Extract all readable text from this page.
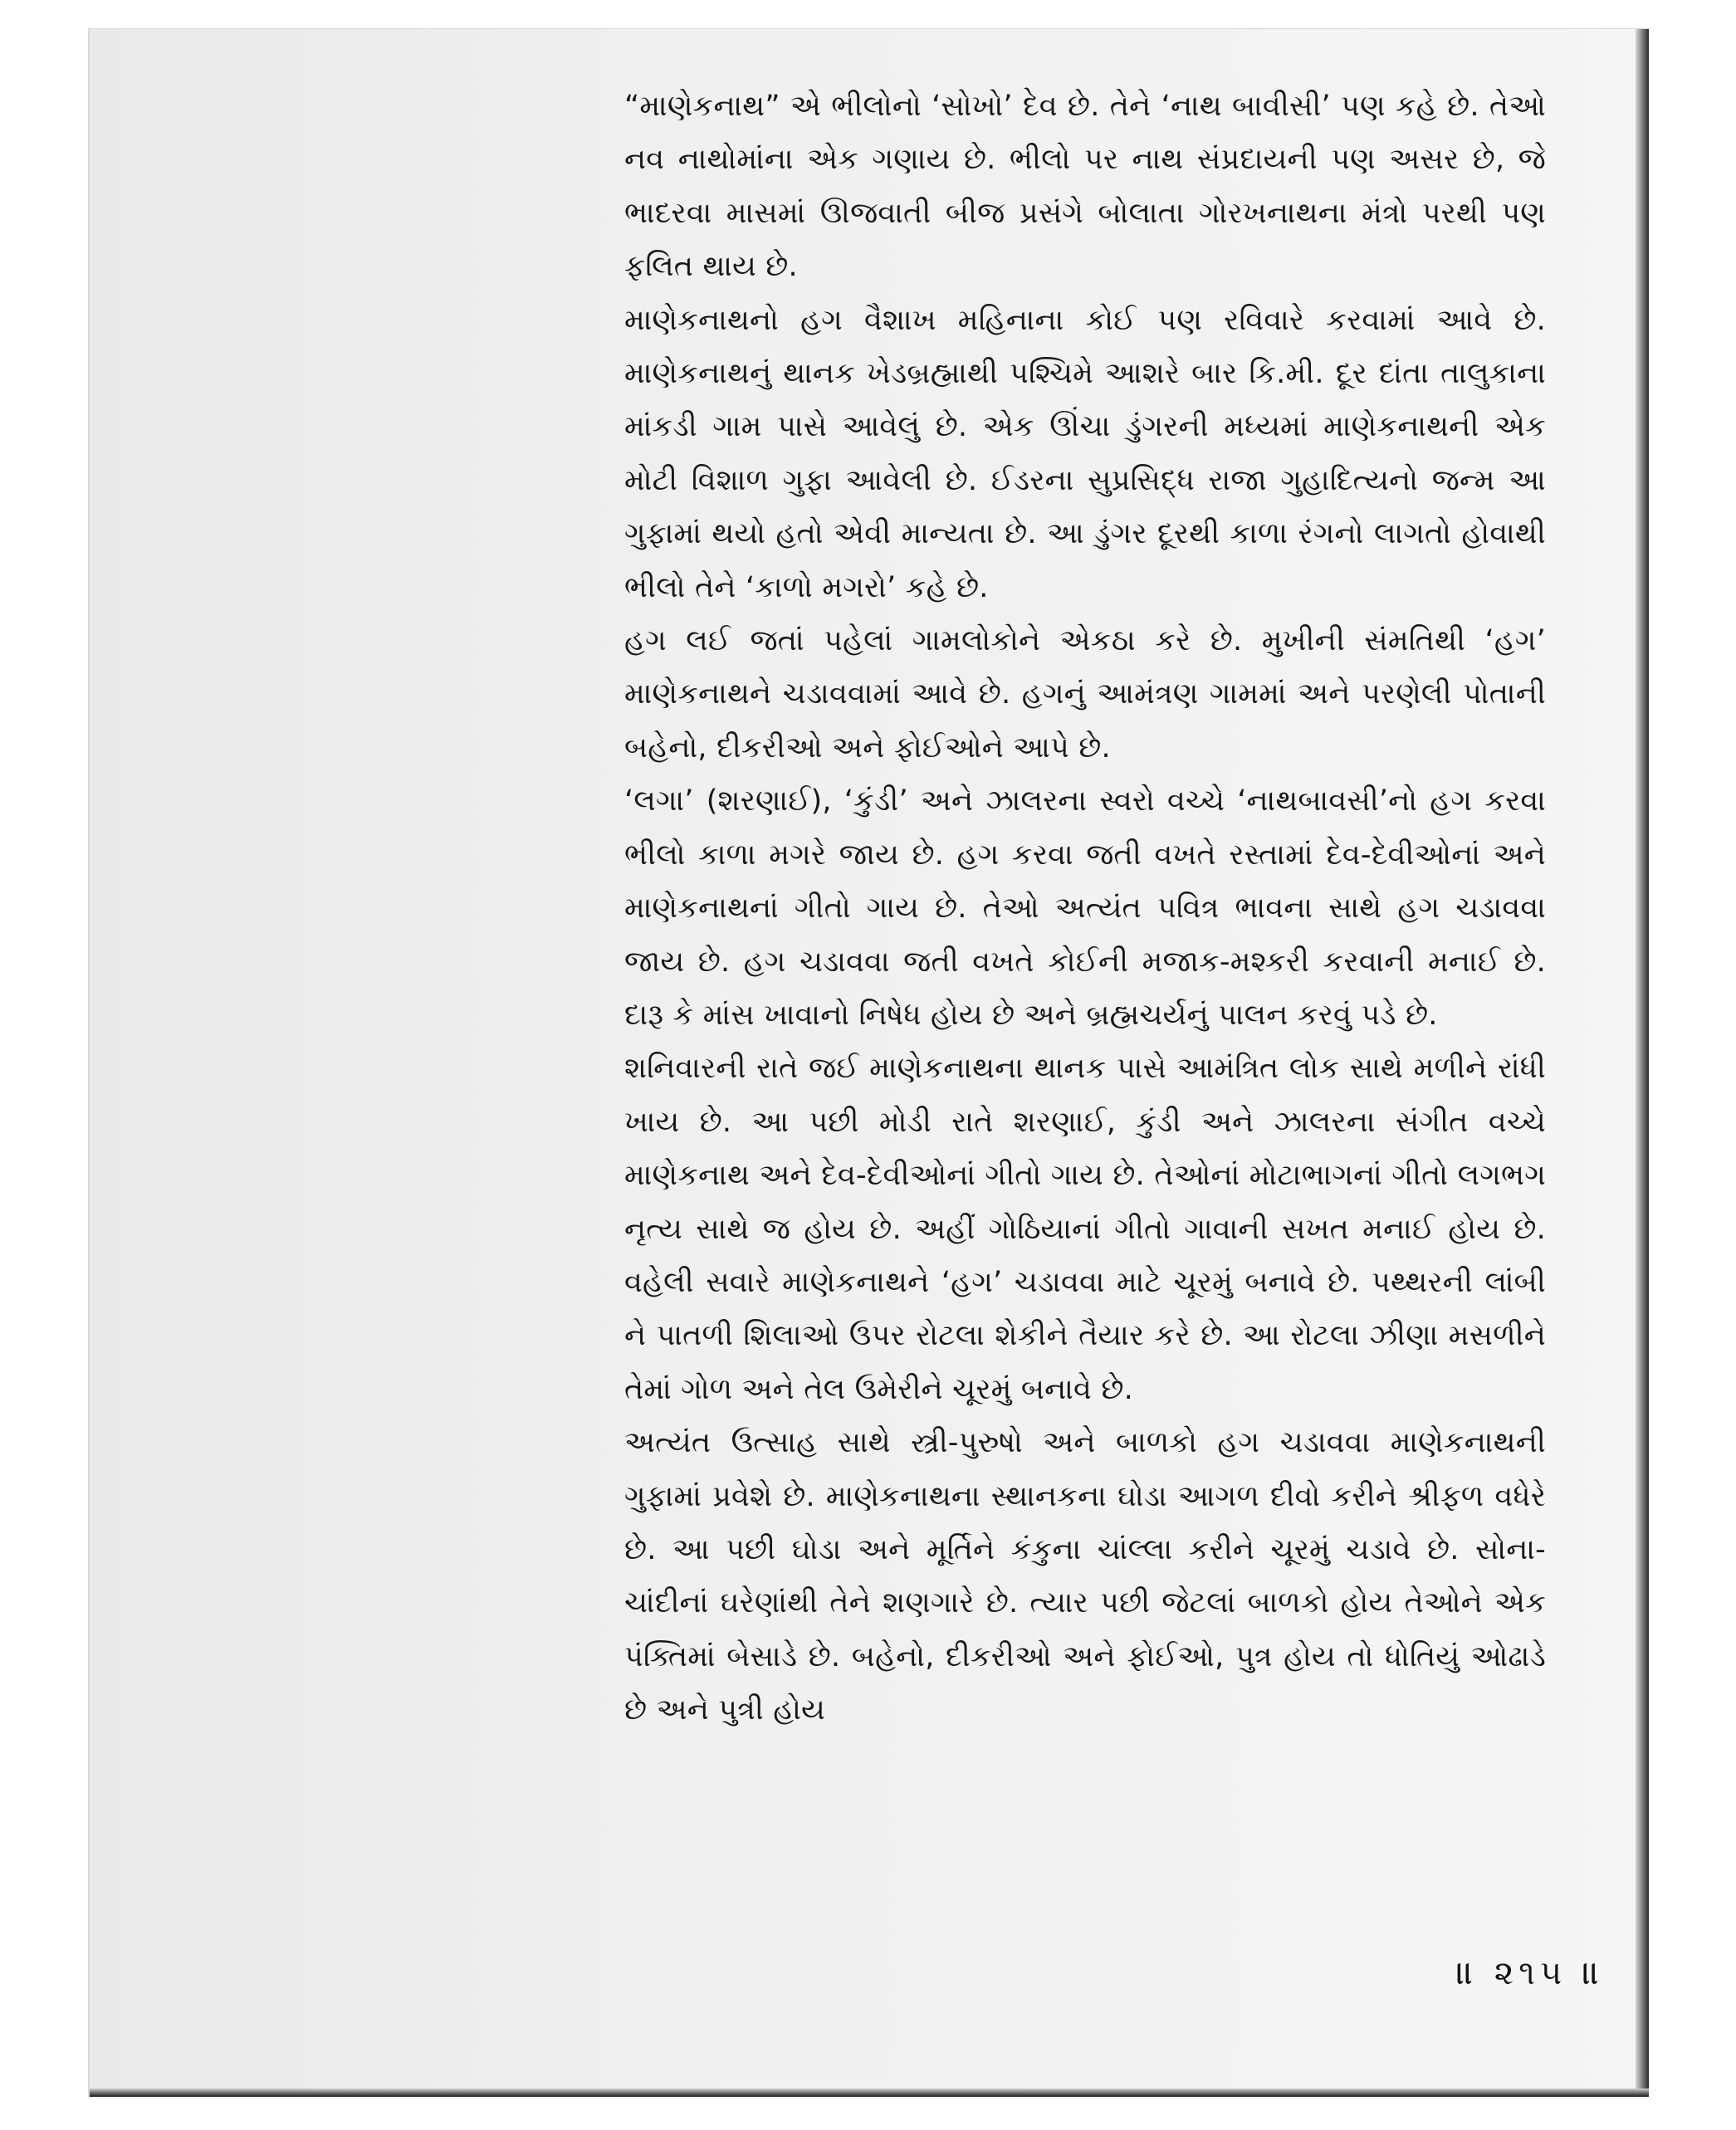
“માણેકનાથ” એ ભીલોનો ‘સોખો’ દેવ છે. તેને ‘નાથ બાવીસી’ પણ કહે છે. તેઓ નવ નાથોમાંના એક ગણાય છે. ભીલો પર નાથ સંપ્રદાયની પણ અસર છે, જે ભાદરવા માસમાં ઊજવાતી બીજ પ્રસંગે બોલાતા ગોરખનાથના મંત્રો પરથી પણ ફલિત થાય છે.

માણેકનાથનો હગ વૈશાખ મહિનાના કોઈ પણ રવિવારે કરવામાં આવે છે. માણેકનાથનું થાનક ખેડબ્રહ્માથી પશ્ચિમે આશરે બાર કિ.મી. દૂર દાંતા તાલુકાના માંકડી ગામ પાસે આવેલું છે. એક ઊંચા ડુંગરની મધ્યમાં માણેકનાથની એક મોટી વિશાળ ગુફા આવેલી છે. ઈડરના સુપ્રસિદ્ધ રાજા ગુહાદિત્યનો જન્મ આ ગુફામાં થયો હતો એવી માન્યતા છે. આ ડુંગર દૂરથી કાળા રંગનો લાગતો હોવાથી ભીલો તેને ‘કાળો મગરો’ કહે છે.

હગ લઈ જતાં પહેલાં ગામલોકોને એકઠા કરે છે. મુખીની સંમતિથી ‘હગ’ માણેકનાથને ચડાવવામાં આવે છે. હગનું આમંત્રણ ગામમાં અને પરણેલી પોતાની બહેનો, દીકરીઓ અને ફોઈઓને આપે છે.

‘લગા’ (શરણાઈ), ‘કુંડી’ અને ઝાલરના સ્વરો વચ્ચે ‘નાથબાવસી’નો હગ કરવા ભીલો કાળા મગરે જાય છે. હગ કરવા જતી વખતે રસ્તામાં દેવ-દેવીઓનાં અને માણેકનાથનાં ગીતો ગાય છે. તેઓ અત્યંત પવિત્ર ભાવના સાથે હગ ચડાવવા જાય છે. હગ ચડાવવા જતી વખતે કોઈની મજાક-મશ્કરી કરવાની મનાઈ છે. દારૂ કે માંસ ખાવાનો નિષેધ હોય છે અને બ્રહ્મચર્યનું પાલન કરવું પડે છે.

શનિવારની રાતે જઈ માણેકનાથના થાનક પાસે આમંત્રિત લોક સાથે મળીને રાંધી ખાય છે. આ પછી મોડી રાતે શરણાઈ, કુંડી અને ઝાલરના સંગીત વચ્ચે માણેકનાથ અને દેવ-દેવીઓનાં ગીતો ગાય છે. તેઓનાં મોટાભાગનાં ગીતો લગભગ નૃત્ય સાથે જ હોય છે. અહીં ગોઠિયાનાં ગીતો ગાવાની સખત મનાઈ હોય છે. વહેલી સવારે માણેકનાથને ‘હગ’ ચડાવવા માટે ચૂરમું બનાવે છે. પથ્થરની લાંબી ને પાતળી શિલાઓ ઉપર રોટલા શેકીને તૈયાર કરે છે. આ રોટલા ઝીણા મસળીને તેમાં ગોળ અને તેલ ઉમેરીને ચૂરમું બનાવે છે.

અત્યંત ઉત્સાહ સાથે સ્ત્રી-પુરુષો અને બાળકો હગ ચડાવવા માણેકનાથની ગુફામાં પ્રવેશે છે. માણેકનાથના સ્થાનકના ઘોડા આગળ દીવો કરીને શ્રીફળ વધેરે છે. આ પછી ઘોડા અને મૂર્તિને કંકુના ચાંલ્લા કરીને ચૂરમું ચડાવે છે. સોના-ચાંદીનાં ઘરેણાંથી તેને શણગારે છે. ત્યાર પછી જેટલાં બાળકો હોય તેઓને એક પંક્તિમાં બેસાડે છે. બહેનો, દીકરીઓ અને ફોઈઓ, પુત્ર હોય તો ધોતિયું ઓઢાડે છે અને પુત્રી હોય

॥ ૨૧૫ ॥
